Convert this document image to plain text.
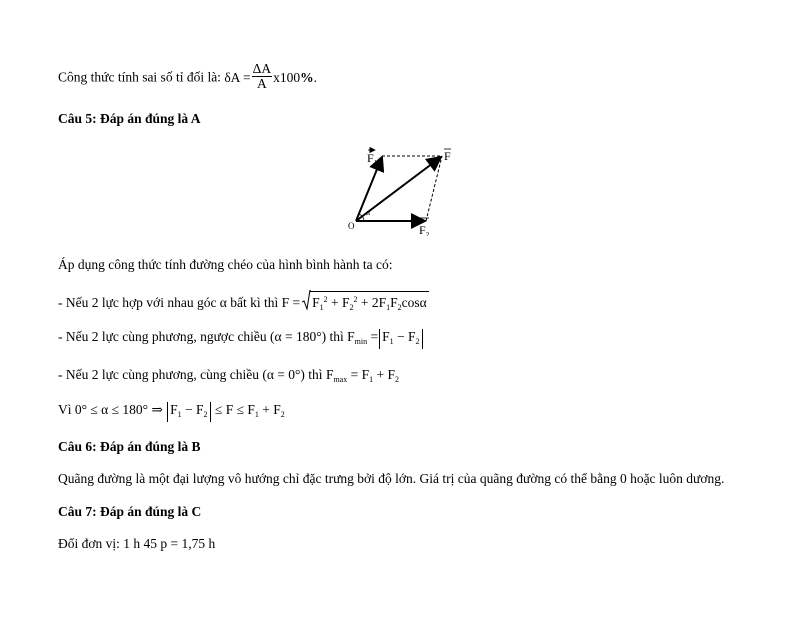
Công thức tính sai số tỉ đối là: $\delta A = \frac{\Delta A}{A} x100\%$.
Câu 5: Đáp án đúng là A
$F_1$	F
$F_2$
O
α
Áp dụng công thức tính đường chéo của hình bình hành ta có:
- Nếu 2 lực hợp với nhau góc α bất kì thì $F = F_1^2 + F_2^2 + 2F_1F_2\cos\alpha$
- Nếu 2 lực cùng phương, ngược chiều (α = 180°) thì $F_{min} = F_1 - F_2$
- Nếu 2 lực cùng phương, cùng chiều (α = 0°) thì $F_{max} = F_1 + F_2$
Vì 0° ≤ α ≤ 180° ⇒ $F_1 - F_2 \le F \le F_1 + F_2$
Câu 6: Đáp án đúng là B
Quãng đường là một đại lượng vô hướng chỉ đặc trưng bởi độ lớn. Giá trị của quãng đường có thể bằng 0 hoặc luôn dương.
Câu 7: Đáp án đúng là C
Đổi đơn vị: 1 h 45 p = 1,75 h
